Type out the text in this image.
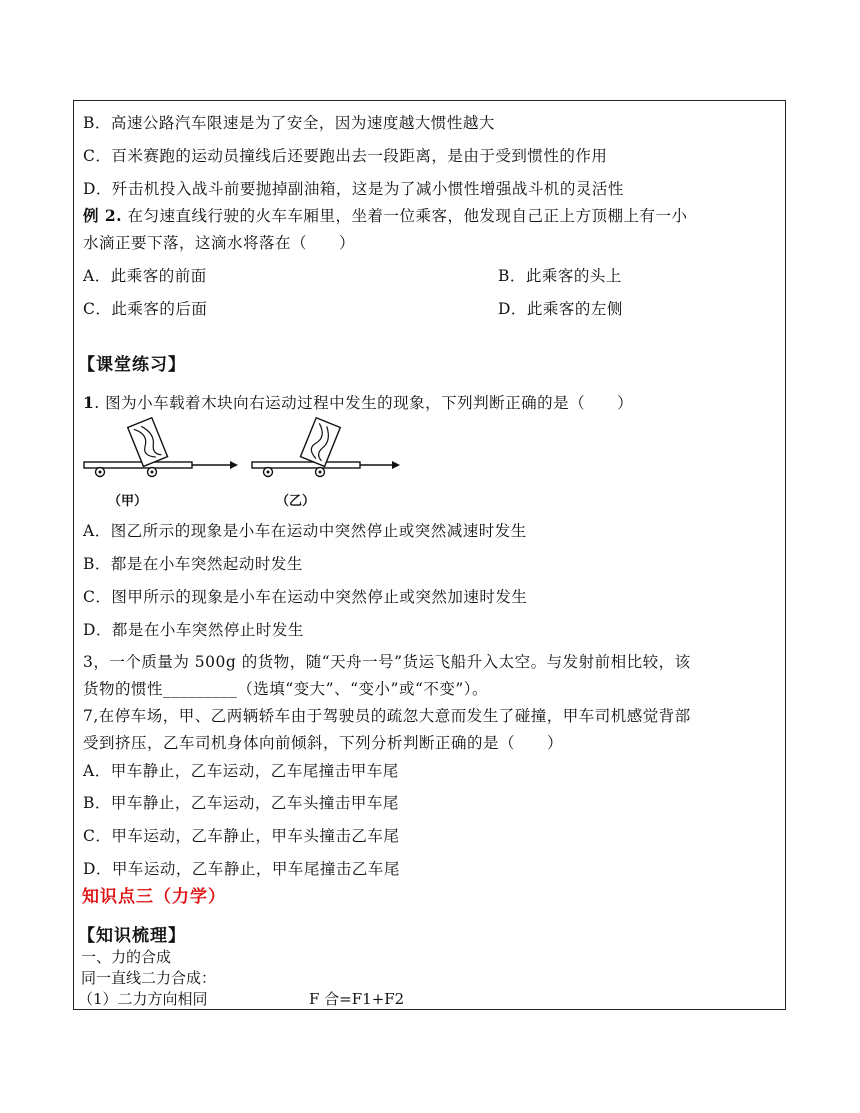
B．高速公路汽车限速是为了安全，因为速度越大惯性越大
C．百米赛跑的运动员撞线后还要跑出去一段距离，是由于受到惯性的作用
D．歼击机投入战斗前要抛掉副油箱，这是为了减小惯性增强战斗机的灵活性
例 2. 在匀速直线行驶的火车车厢里，坐着一位乘客，他发现自己正上方顶棚上有一小
水滴正要下落，这滴水将落在（　　）
A．此乘客的前面	B．此乘客的头上
C．此乘客的后面	D．此乘客的左侧
【课堂练习】
1. 图为小车载着木块向右运动过程中发生的现象，下列判断正确的是（　　）
（甲）	（乙）
A．图乙所示的现象是小车在运动中突然停止或突然减速时发生
B．都是在小车突然起动时发生
C．图甲所示的现象是小车在运动中突然停止或突然加速时发生
D．都是在小车突然停止时发生
3，一个质量为 500g 的货物，随“天舟一号”货运飞船升入太空。与发射前相比较，该
货物的惯性_________（选填“变大”、“变小”或“不变”）。
7,在停车场，甲、乙两辆轿车由于驾驶员的疏忽大意而发生了碰撞，甲车司机感觉背部
受到挤压，乙车司机身体向前倾斜，下列分析判断正确的是（　　）
A．甲车静止，乙车运动，乙车尾撞击甲车尾
B．甲车静止，乙车运动，乙车头撞击甲车尾
C．甲车运动，乙车静止，甲车头撞击乙车尾
D．甲车运动，乙车静止，甲车尾撞击乙车尾
知识点三（力学）
【知识梳理】
一、力的合成
同一直线二力合成：
（1）二力方向相同	F 合=F1+F2
